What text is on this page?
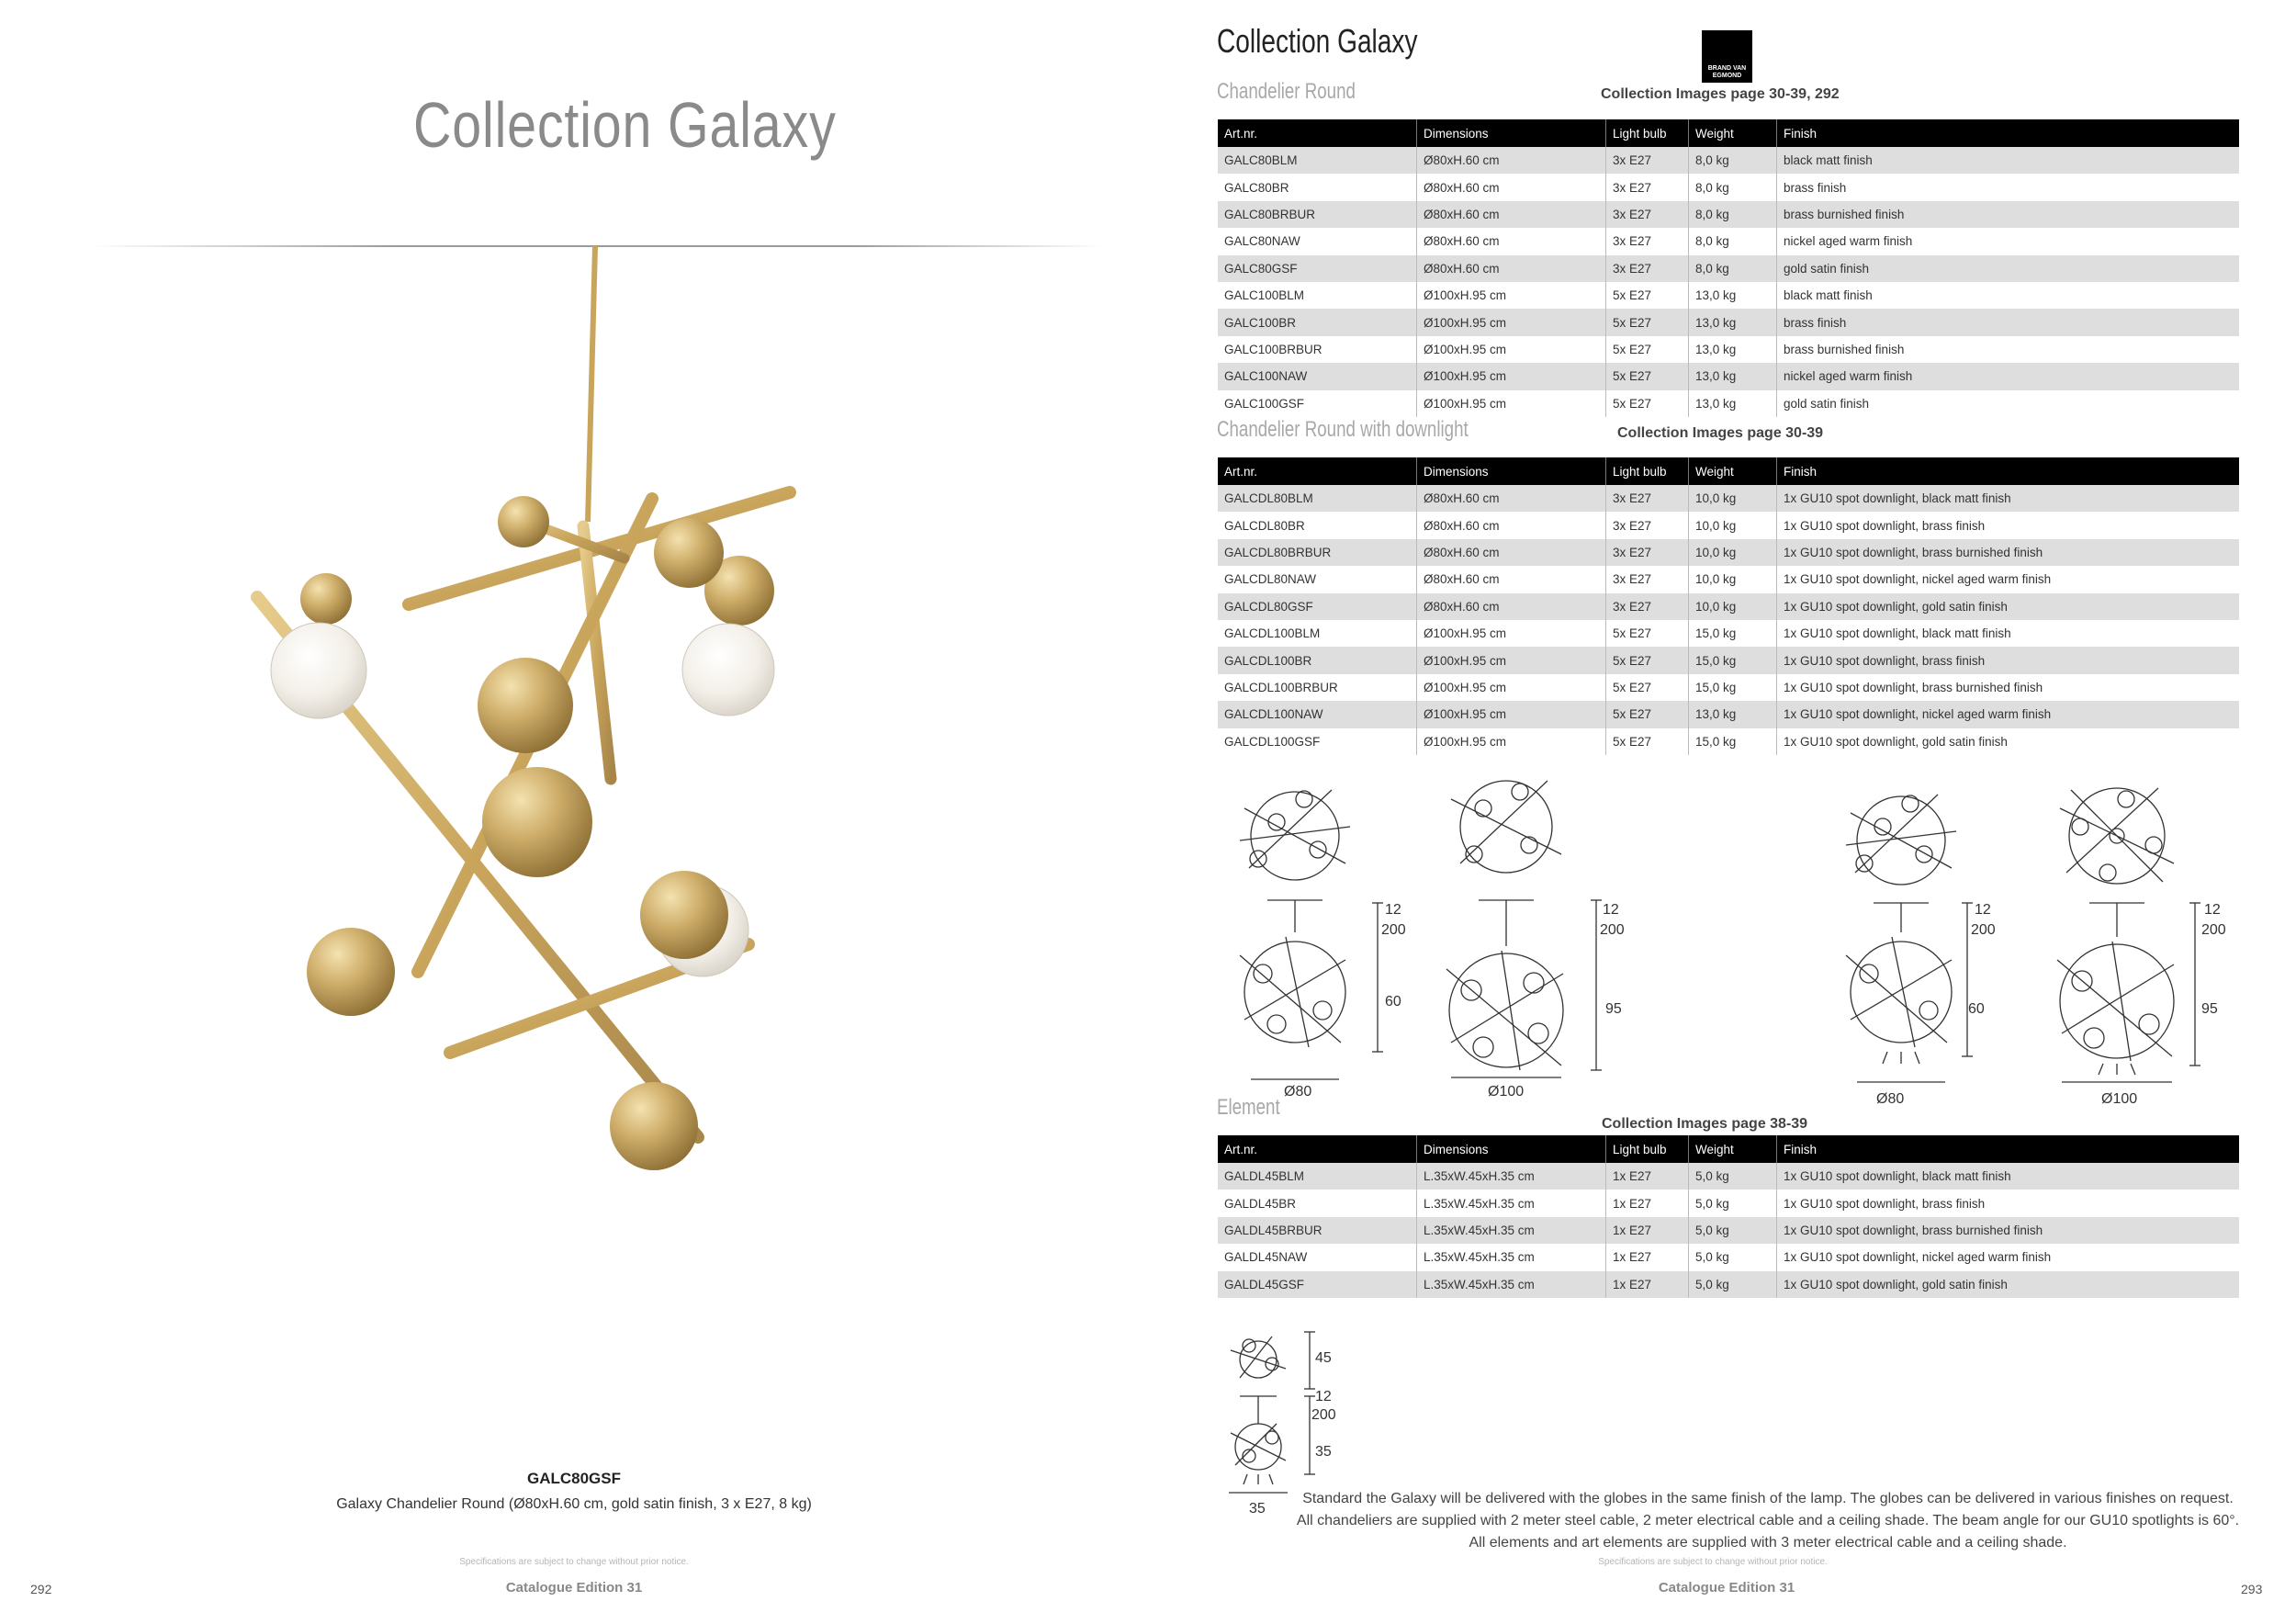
Collection Galaxy
GALC80GSF
Galaxy Chandelier Round (Ø80xH.60 cm, gold satin finish, 3 x E27, 8 kg)
Specifications are subject to change without prior notice.
Catalogue Edition 31
292
Collection Galaxy
BRAND VAN EGMOND
Chandelier Round	Collection Images page 30-39, 292
Art.nr.	Dimensions	Light bulb	Weight	Finish
GALC80BLM	Ø80xH.60 cm	3x E27	8,0 kg	black matt finish
GALC80BR	Ø80xH.60 cm	3x E27	8,0 kg	brass finish
GALC80BRBUR	Ø80xH.60 cm	3x E27	8,0 kg	brass burnished finish
GALC80NAW	Ø80xH.60 cm	3x E27	8,0 kg	nickel aged warm finish
GALC80GSF	Ø80xH.60 cm	3x E27	8,0 kg	gold satin finish
GALC100BLM	Ø100xH.95 cm	5x E27	13,0 kg	black matt finish
GALC100BR	Ø100xH.95 cm	5x E27	13,0 kg	brass finish
GALC100BRBUR	Ø100xH.95 cm	5x E27	13,0 kg	brass burnished finish
GALC100NAW	Ø100xH.95 cm	5x E27	13,0 kg	nickel aged warm finish
GALC100GSF	Ø100xH.95 cm	5x E27	13,0 kg	gold satin finish
Chandelier Round with downlight	Collection Images page 30-39
Art.nr.	Dimensions	Light bulb	Weight	Finish
GALCDL80BLM	Ø80xH.60 cm	3x E27	10,0 kg	1x GU10 spot downlight, black matt finish
GALCDL80BR	Ø80xH.60 cm	3x E27	10,0 kg	1x GU10 spot downlight, brass finish
GALCDL80BRBUR	Ø80xH.60 cm	3x E27	10,0 kg	1x GU10 spot downlight, brass burnished finish
GALCDL80NAW	Ø80xH.60 cm	3x E27	10,0 kg	1x GU10 spot downlight, nickel aged warm finish
GALCDL80GSF	Ø80xH.60 cm	3x E27	10,0 kg	1x GU10 spot downlight, gold satin finish
GALCDL100BLM	Ø100xH.95 cm	5x E27	15,0 kg	1x GU10 spot downlight, black matt finish
GALCDL100BR	Ø100xH.95 cm	5x E27	15,0 kg	1x GU10 spot downlight, brass finish
GALCDL100BRBUR	Ø100xH.95 cm	5x E27	15,0 kg	1x GU10 spot downlight, brass burnished finish
GALCDL100NAW	Ø100xH.95 cm	5x E27	13,0 kg	1x GU10 spot downlight, nickel aged warm finish
GALCDL100GSF	Ø100xH.95 cm	5x E27	15,0 kg	1x GU10 spot downlight, gold satin finish
12
200
60
Ø80
12
200
95
Ø100
12
200
60
Ø80
12
200
95
Ø100
Element
Collection Images page 38-39
Art.nr.	Dimensions	Light bulb	Weight	Finish
GALDL45BLM	L.35xW.45xH.35 cm	1x E27	5,0 kg	1x GU10 spot downlight, black matt finish
GALDL45BR	L.35xW.45xH.35 cm	1x E27	5,0 kg	1x GU10 spot downlight, brass finish
GALDL45BRBUR	L.35xW.45xH.35 cm	1x E27	5,0 kg	1x GU10 spot downlight, brass burnished finish
GALDL45NAW	L.35xW.45xH.35 cm	1x E27	5,0 kg	1x GU10 spot downlight, nickel aged warm finish
GALDL45GSF	L.35xW.45xH.35 cm	1x E27	5,0 kg	1x GU10 spot downlight, gold satin finish
45
12
200
35
35
Standard the Galaxy will be delivered with the globes in the same finish of the lamp. The globes can be delivered in various finishes on request.
All chandeliers are supplied with 2 meter steel cable, 2 meter electrical cable and a ceiling shade. The beam angle for our GU10 spotlights is 60°.
All elements and art elements are supplied with 3 meter electrical cable and a ceiling shade.
Specifications are subject to change without prior notice.
Catalogue Edition 31	293
